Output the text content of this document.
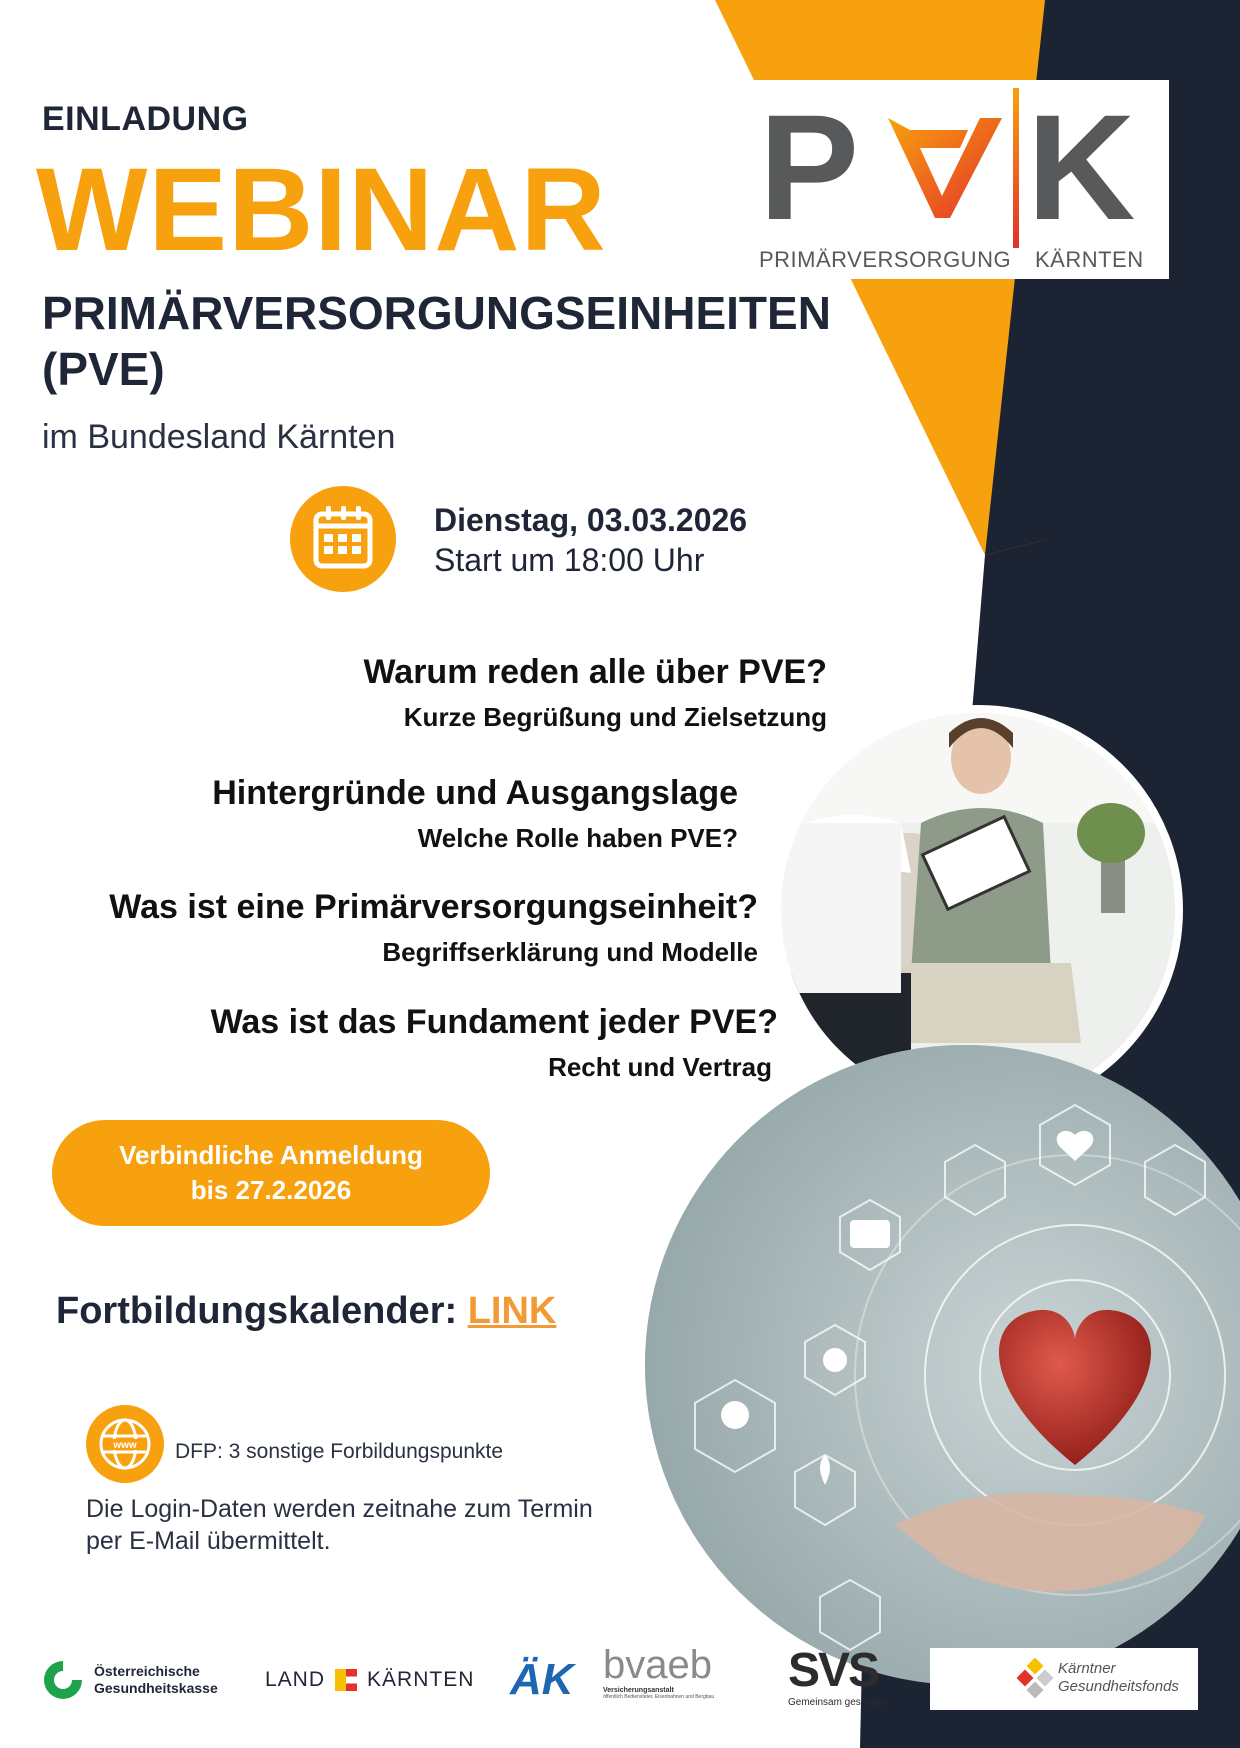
EINLADUNG
WEBINAR
PRIMÄRVERSORGUNGSEINHEITEN (PVE)
im Bundesland Kärnten
P K
PRIMÄRVERSORGUNG KÄRNTEN
Dienstag, 03.03.2026
Start um 18:00 Uhr
Warum reden alle über PVE?
Kurze Begrüßung und Zielsetzung
Hintergründe und Ausgangslage
Welche Rolle haben PVE?
Was ist eine Primärversorgungseinheit?
Begriffserklärung und Modelle
Was ist das Fundament jeder PVE?
Recht und Vertrag
Verbindliche Anmeldung
bis 27.2.2026
Fortbildungskalender: LINK
www DFP: 3 sonstige Forbildungspunkte
Die Login-Daten werden zeitnahe zum Termin per E-Mail übermittelt.
Österreichische
Gesundheitskasse LAND KÄRNTEN ÄK bvaeb
Versicherungsanstalt
öffentlich Bediensteter, Eisenbahnen und Bergbau	SVS
Gemeinsam gesünder.
Kärntner
Gesundheitsfonds
